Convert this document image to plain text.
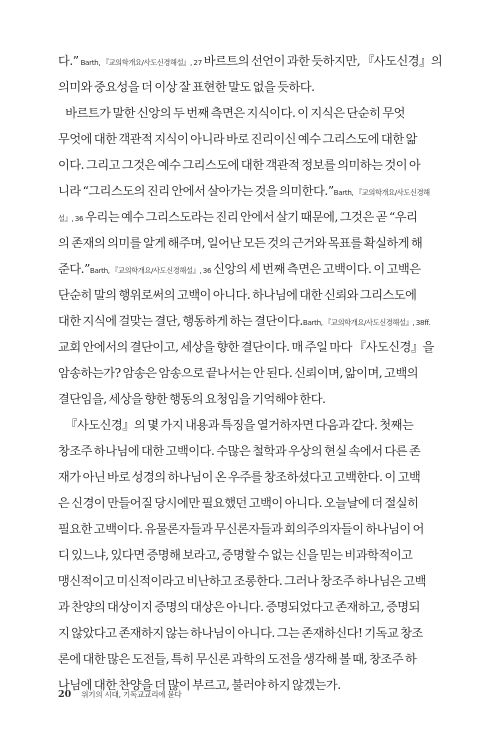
다.” Barth, 『교의학개요/사도신경해설』, 27 바르트의 선언이 과한 듯하지만, 『사도신경』의
의미와 중요성을 더 이상 잘 표현한 말도 없을 듯하다.
바르트가 말한 신앙의 두 번째 측면은 지식이다. 이 지식은 단순히 무엇
무엇에 대한 객관적 지식이 아니라 바로 진리이신 예수 그리스도에 대한 앎
이다. 그리고 그것은 예수 그리스도에 대한 객관적 정보를 의미하는 것이 아
니라 “그리스도의 진리 안에서 살아가는 것을 의미한다.”Barth, 『교의학개요/사도신경해
설』, 36 우리는 예수 그리스도라는 진리 안에서 살기 때문에, 그것은 곧 “우리
의 존재의 의미를 알게 해주며, 일어난 모든 것의 근거와 목표를 확실하게 해
준다.”Barth, 『교의학개요/사도신경해설』, 36 신앙의 세 번째 측면은 고백이다. 이 고백은
단순히 말의 행위로써의 고백이 아니다. 하나님에 대한 신뢰와 그리스도에
대한 지식에 걸맞는 결단, 행동하게 하는 결단이다.Barth, 『교의학개요/사도신경해설』, 38ff.
교회 안에서의 결단이고, 세상을 향한 결단이다. 매 주일 마다 『사도신경』을
암송하는가? 암송은 암송으로 끝나서는 안 된다. 신뢰이며, 앎이며, 고백의
결단임을, 세상을 향한 행동의 요청임을 기억해야 한다.
『사도신경』의 몇 가지 내용과 특징을 열거하자면 다음과 같다. 첫째는
창조주 하나님에 대한 고백이다. 수많은 철학과 우상의 현실 속에서 다른 존
재가 아닌 바로 성경의 하나님이 온 우주를 창조하셨다고 고백한다. 이 고백
은 신경이 만들어질 당시에만 필요했던 고백이 아니다. 오늘날에 더 절실히
필요한 고백이다. 유물론자들과 무신론자들과 회의주의자들이 하나님이 어
디 있느냐, 있다면 증명해 보라고, 증명할 수 없는 신을 믿는 비과학적이고
맹신적이고 미신적이라고 비난하고 조롱한다. 그러나 창조주 하나님은 고백
과 찬양의 대상이지 증명의 대상은 아니다. 증명되었다고 존재하고, 증명되
지 않았다고 존재하지 않는 하나님이 아니다. 그는 존재하신다! 기독교 창조
론에 대한 많은 도전들, 특히 무신론 과학의 도전을 생각해 볼 때, 창조주 하
나님에 대한 찬양을 더 많이 부르고, 불러야 하지 않겠는가.
20 위기의 시대, 기독교교리에 묻다
